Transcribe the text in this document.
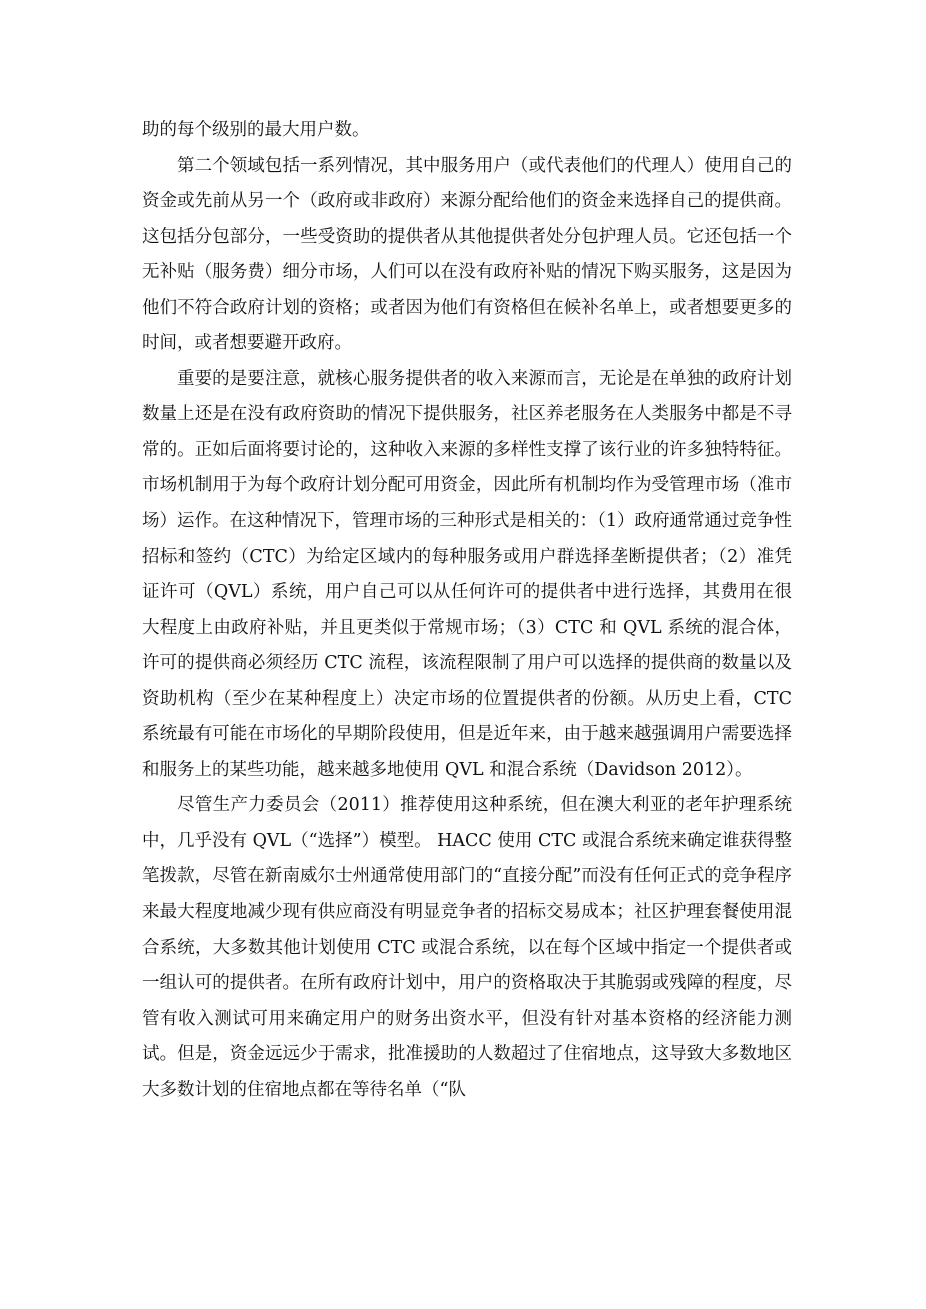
助的每个级别的最大用户数。

第二个领域包括一系列情况，其中服务用户（或代表他们的代理人）使用自己的资金或先前从另一个（政府或非政府）来源分配给他们的资金来选择自己的提供商。这包括分包部分，一些受资助的提供者从其他提供者处分包护理人员。它还包括一个无补贴（服务费）细分市场，人们可以在没有政府补贴的情况下购买服务，这是因为他们不符合政府计划的资格；或者因为他们有资格但在候补名单上，或者想要更多的时间，或者想要避开政府。

重要的是要注意，就核心服务提供者的收入来源而言，无论是在单独的政府计划数量上还是在没有政府资助的情况下提供服务，社区养老服务在人类服务中都是不寻常的。正如后面将要讨论的，这种收入来源的多样性支撑了该行业的许多独特特征。市场机制用于为每个政府计划分配可用资金，因此所有机制均作为受管理市场（准市场）运作。在这种情况下，管理市场的三种形式是相关的：（1）政府通常通过竞争性招标和签约（CTC）为给定区域内的每种服务或用户群选择垄断提供者；（2）准凭证许可（QVL）系统，用户自己可以从任何许可的提供者中进行选择，其费用在很大程度上由政府补贴，并且更类似于常规市场；（3）CTC 和 QVL 系统的混合体，许可的提供商必须经历 CTC 流程，该流程限制了用户可以选择的提供商的数量以及资助机构（至少在某种程度上）决定市场的位置提供者的份额。从历史上看，CTC 系统最有可能在市场化的早期阶段使用，但是近年来，由于越来越强调用户需要选择和服务上的某些功能，越来越多地使用 QVL 和混合系统（Davidson 2012）。

尽管生产力委员会（2011）推荐使用这种系统，但在澳大利亚的老年护理系统中，几乎没有 QVL（“选择”）模型。 HACC 使用 CTC 或混合系统来确定谁获得整笔拨款，尽管在新南威尔士州通常使用部门的“直接分配”而没有任何正式的竞争程序来最大程度地减少现有供应商没有明显竞争者的招标交易成本；社区护理套餐使用混合系统，大多数其他计划使用 CTC 或混合系统，以在每个区域中指定一个提供者或一组认可的提供者。在所有政府计划中，用户的资格取决于其脆弱或残障的程度，尽管有收入测试可用来确定用户的财务出资水平，但没有针对基本资格的经济能力测试。但是，资金远远少于需求，批准援助的人数超过了住宿地点，这导致大多数地区大多数计划的住宿地点都在等待名单（“队
